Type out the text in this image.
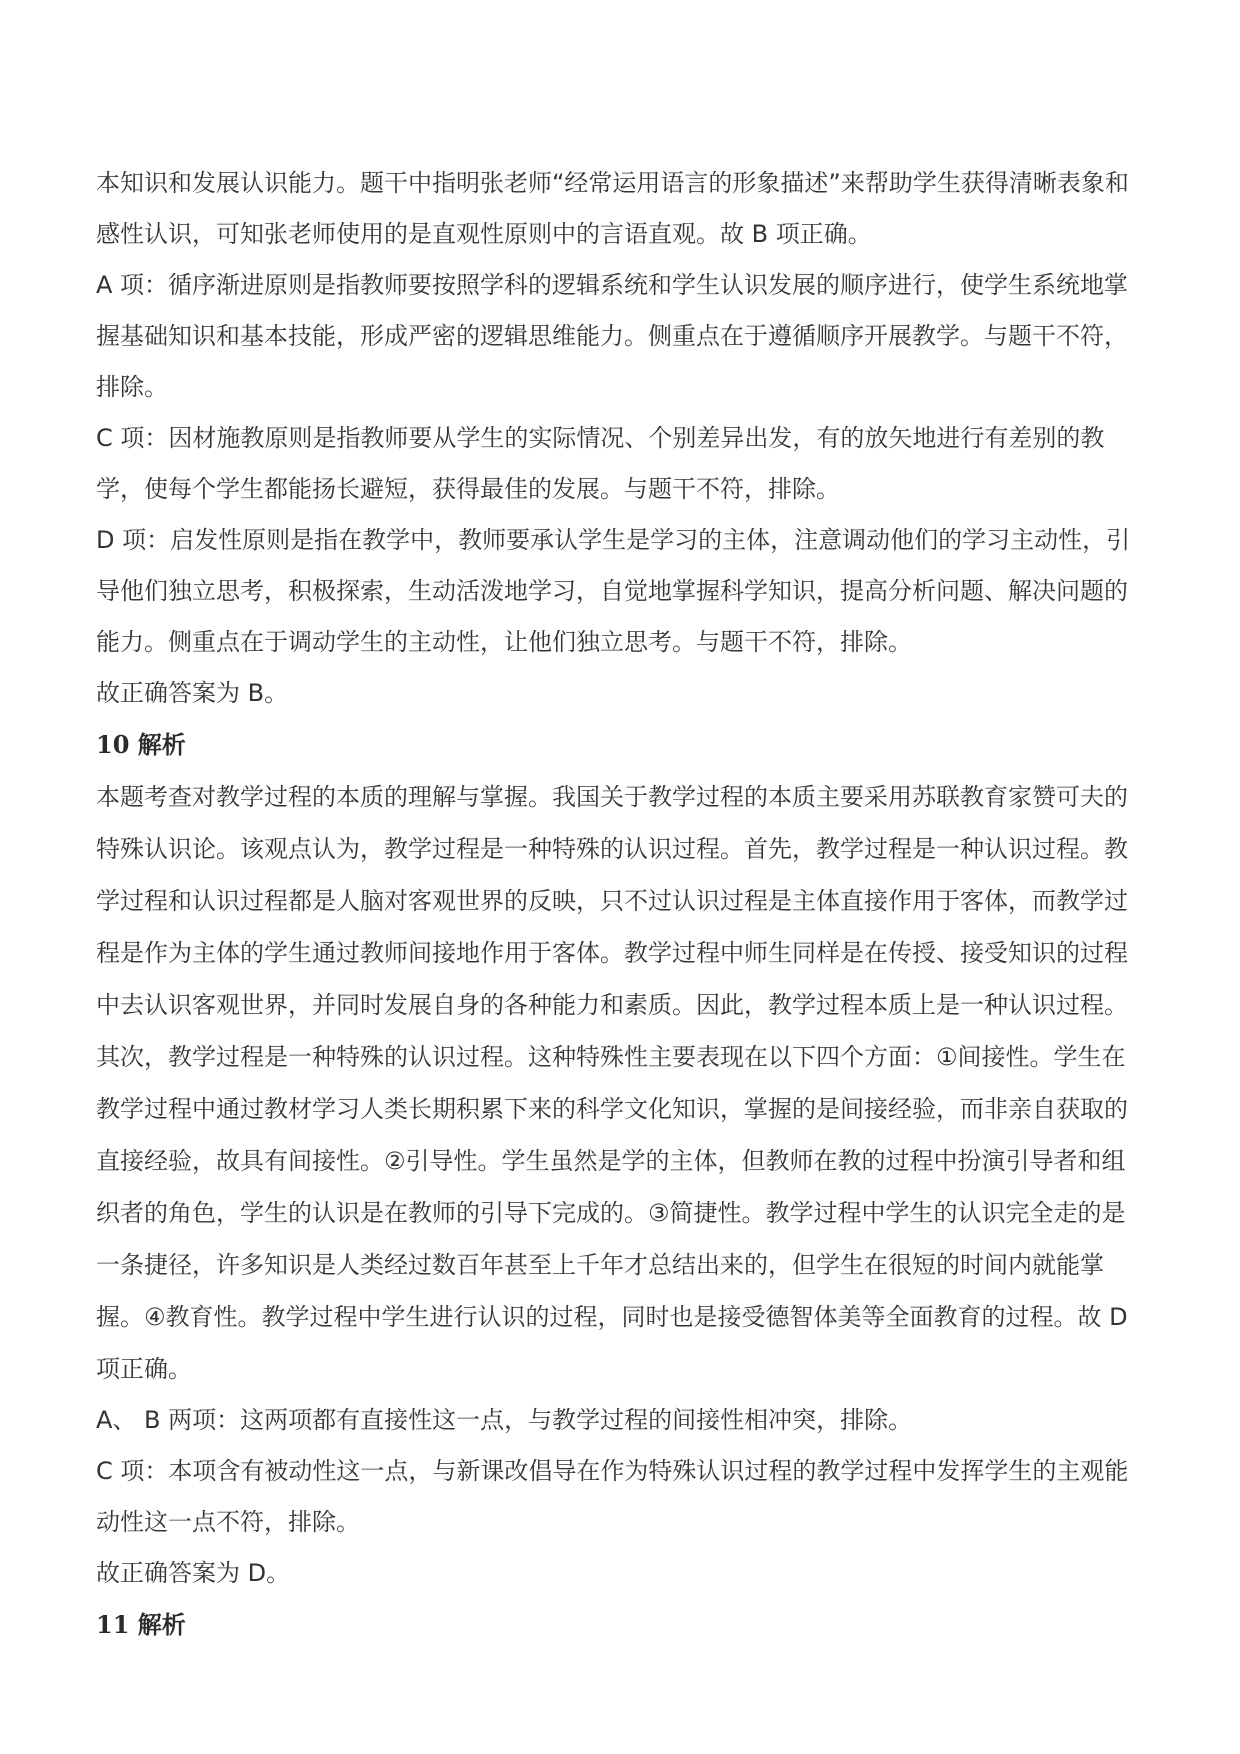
本知识和发展认识能力。题干中指明张老师“经常运用语言的形象描述”来帮助学生获得清晰表象和感性认识，可知张老师使用的是直观性原则中的言语直观。故 B 项正确。

A 项：循序渐进原则是指教师要按照学科的逻辑系统和学生认识发展的顺序进行，使学生系统地掌握基础知识和基本技能，形成严密的逻辑思维能力。侧重点在于遵循顺序开展教学。与题干不符，排除。

C 项：因材施教原则是指教师要从学生的实际情况、个别差异出发，有的放矢地进行有差别的教学，使每个学生都能扬长避短，获得最佳的发展。与题干不符，排除。

D 项：启发性原则是指在教学中，教师要承认学生是学习的主体，注意调动他们的学习主动性，引导他们独立思考，积极探索，生动活泼地学习，自觉地掌握科学知识，提高分析问题、解决问题的能力。侧重点在于调动学生的主动性，让他们独立思考。与题干不符，排除。

故正确答案为 B。

10 解析

本题考查对教学过程的本质的理解与掌握。我国关于教学过程的本质主要采用苏联教育家赞可夫的特殊认识论。该观点认为，教学过程是一种特殊的认识过程。首先，教学过程是一种认识过程。教学过程和认识过程都是人脑对客观世界的反映，只不过认识过程是主体直接作用于客体，而教学过程是作为主体的学生通过教师间接地作用于客体。教学过程中师生同样是在传授、接受知识的过程中去认识客观世界，并同时发展自身的各种能力和素质。因此，教学过程本质上是一种认识过程。其次，教学过程是一种特殊的认识过程。这种特殊性主要表现在以下四个方面：①间接性。学生在教学过程中通过教材学习人类长期积累下来的科学文化知识，掌握的是间接经验，而非亲自获取的直接经验，故具有间接性。②引导性。学生虽然是学的主体，但教师在教的过程中扮演引导者和组织者的角色，学生的认识是在教师的引导下完成的。③简捷性。教学过程中学生的认识完全走的是一条捷径，许多知识是人类经过数百年甚至上千年才总结出来的，但学生在很短的时间内就能掌握。④教育性。教学过程中学生进行认识的过程，同时也是接受德智体美等全面教育的过程。故 D 项正确。

A、 B 两项：这两项都有直接性这一点，与教学过程的间接性相冲突，排除。

C 项：本项含有被动性这一点，与新课改倡导在作为特殊认识过程的教学过程中发挥学生的主观能动性这一点不符，排除。

故正确答案为 D。

11 解析
